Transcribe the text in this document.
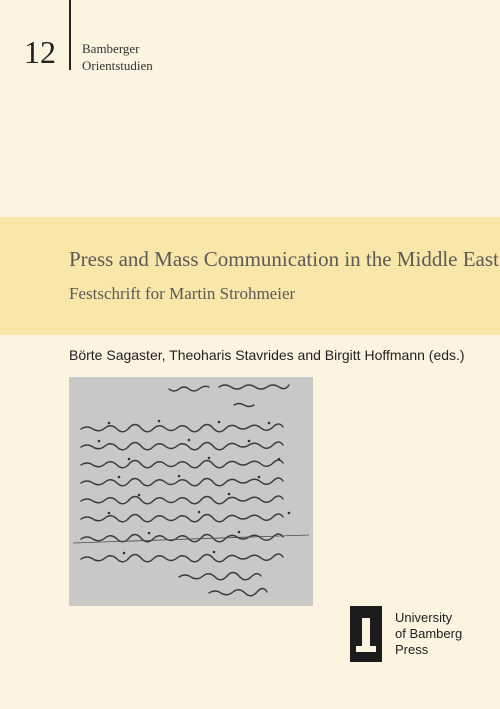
12 Bamberger
Orientstudien
Press and Mass Communication in the Middle East
Festschrift for Martin Strohmeier
Börte Sagaster, Theoharis Stavrides and Birgitt Hoffmann (eds.)
University
of Bamberg
Press
